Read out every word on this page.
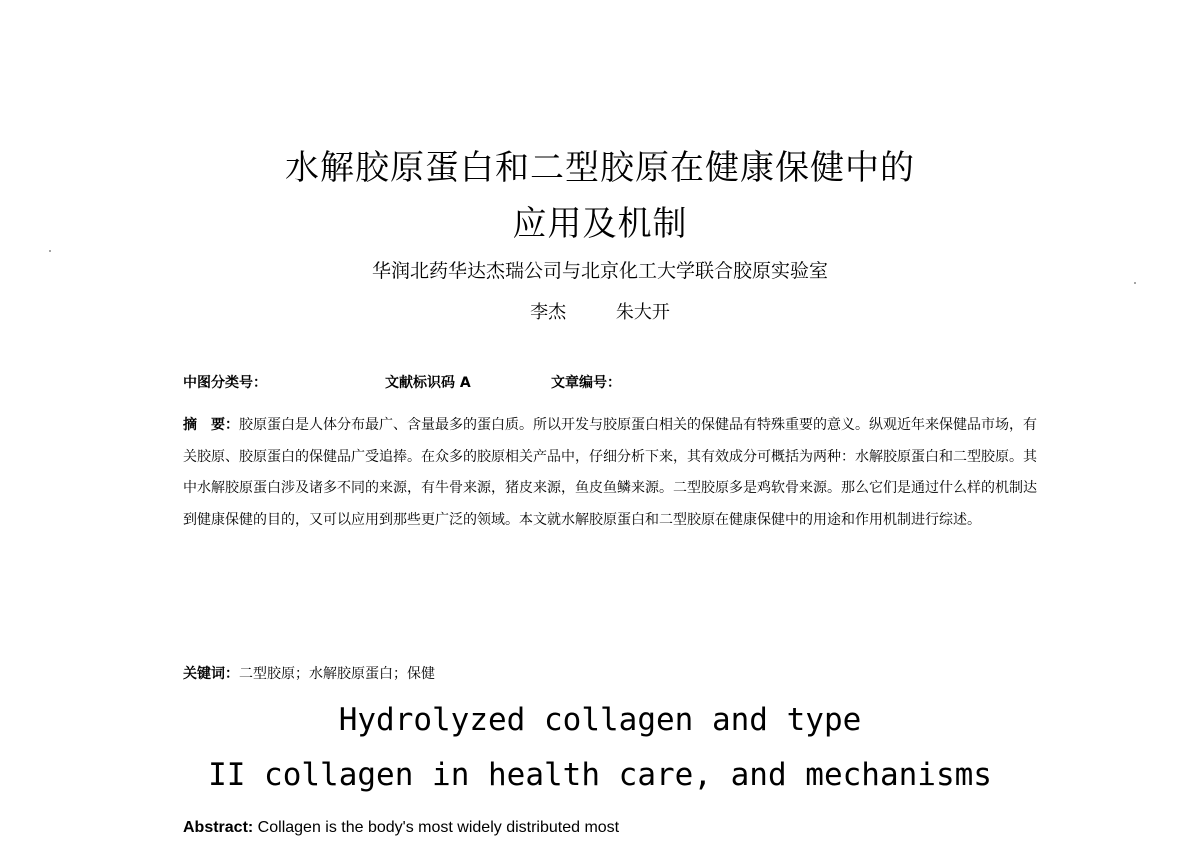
水解胶原蛋白和二型胶原在健康保健中的
应用及机制
华润北药华达杰瑞公司与北京化工大学联合胶原实验室
李杰	朱大开
中图分类号：	文献标识码 A	文章编号：
摘　要：胶原蛋白是人体分布最广、含量最多的蛋白质。所以开发与胶原蛋白相关的保健品有特殊重要的意义。纵观近年来保健品市场，有关胶原、胶原蛋白的保健品广受追捧。在众多的胶原相关产品中，仔细分析下来，其有效成分可概括为两种：水解胶原蛋白和二型胶原。其中水解胶原蛋白涉及诸多不同的来源，有牛骨来源，猪皮来源，鱼皮鱼鳞来源。二型胶原多是鸡软骨来源。那么它们是通过什么样的机制达到健康保健的目的，又可以应用到那些更广泛的领域。本文就水解胶原蛋白和二型胶原在健康保健中的用途和作用机制进行综述。
关键词：二型胶原；水解胶原蛋白；保健
Hydrolyzed collagen and type
II collagen in health care, and mechanisms
Abstract: Collagen is the body's most widely distributed most
